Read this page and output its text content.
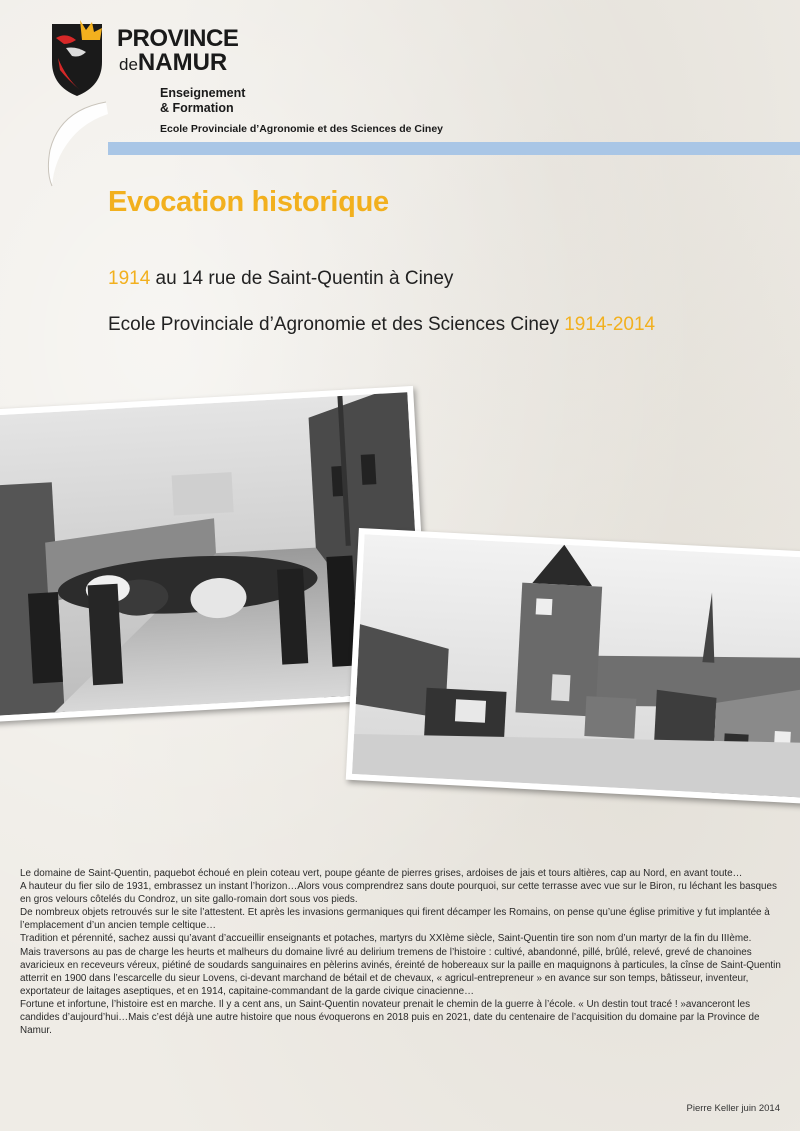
PROVINCE
deNAMUR
Enseignement
& Formation
Ecole Provinciale d’Agronomie et des Sciences de Ciney
Evocation historique
1914 au 14 rue de Saint-Quentin à Ciney
Ecole Provinciale d’Agronomie et des Sciences Ciney 1914-2014

Le domaine de Saint-Quentin, paquebot échoué en plein coteau vert, poupe géante de pierres grises, ardoises de jais et tours altières, cap au Nord, en avant toute…

A hauteur du fier silo de 1931, embrassez un instant l’horizon…Alors vous comprendrez sans doute pourquoi, sur cette terrasse avec vue sur le Biron, ru léchant les basques en gros velours côtelés du Condroz, un site gallo-romain dort sous vos pieds.

De nombreux objets retrouvés sur le site l’attestent. Et après les invasions germaniques qui firent décamper les Romains, on pense qu’une église primitive y fut implantée à l’emplacement d’un ancien temple celtique…

Tradition et pérennité, sachez aussi qu’avant d’accueillir enseignants et potaches, martyrs du XXIème siècle, Saint-Quentin tire son nom d’un martyr de la fin du IIIème.

Mais traversons au pas de charge les heurts et malheurs du domaine livré au delirium tremens de l’histoire : cultivé, abandonné, pillé, brûlé, relevé, grevé de chanoines avaricieux en receveurs véreux, piétiné de soudards sanguinaires en pèlerins avinés, éreinté de hobereaux sur la paille en maquignons à particules, la cînse de Saint-Quentin atterrit en 1900 dans l’escarcelle du sieur Lovens, ci-devant marchand de bétail et de chevaux, « agricul-entrepreneur » en avance sur son temps, bâtisseur, inventeur, exportateur de laitages aseptiques, et en 1914, capitaine-commandant de la garde civique cinacienne…

Fortune et infortune, l’histoire est en marche. Il y a cent ans, un Saint-Quentin novateur prenait le chemin de la guerre à l’école. « Un destin tout tracé ! »avanceront les candides d’aujourd’hui…Mais c’est déjà une autre histoire que nous évoquerons en 2018 puis en 2021, date du centenaire de l’acquisition du domaine par la Province de Namur.

Pierre Keller juin 2014
